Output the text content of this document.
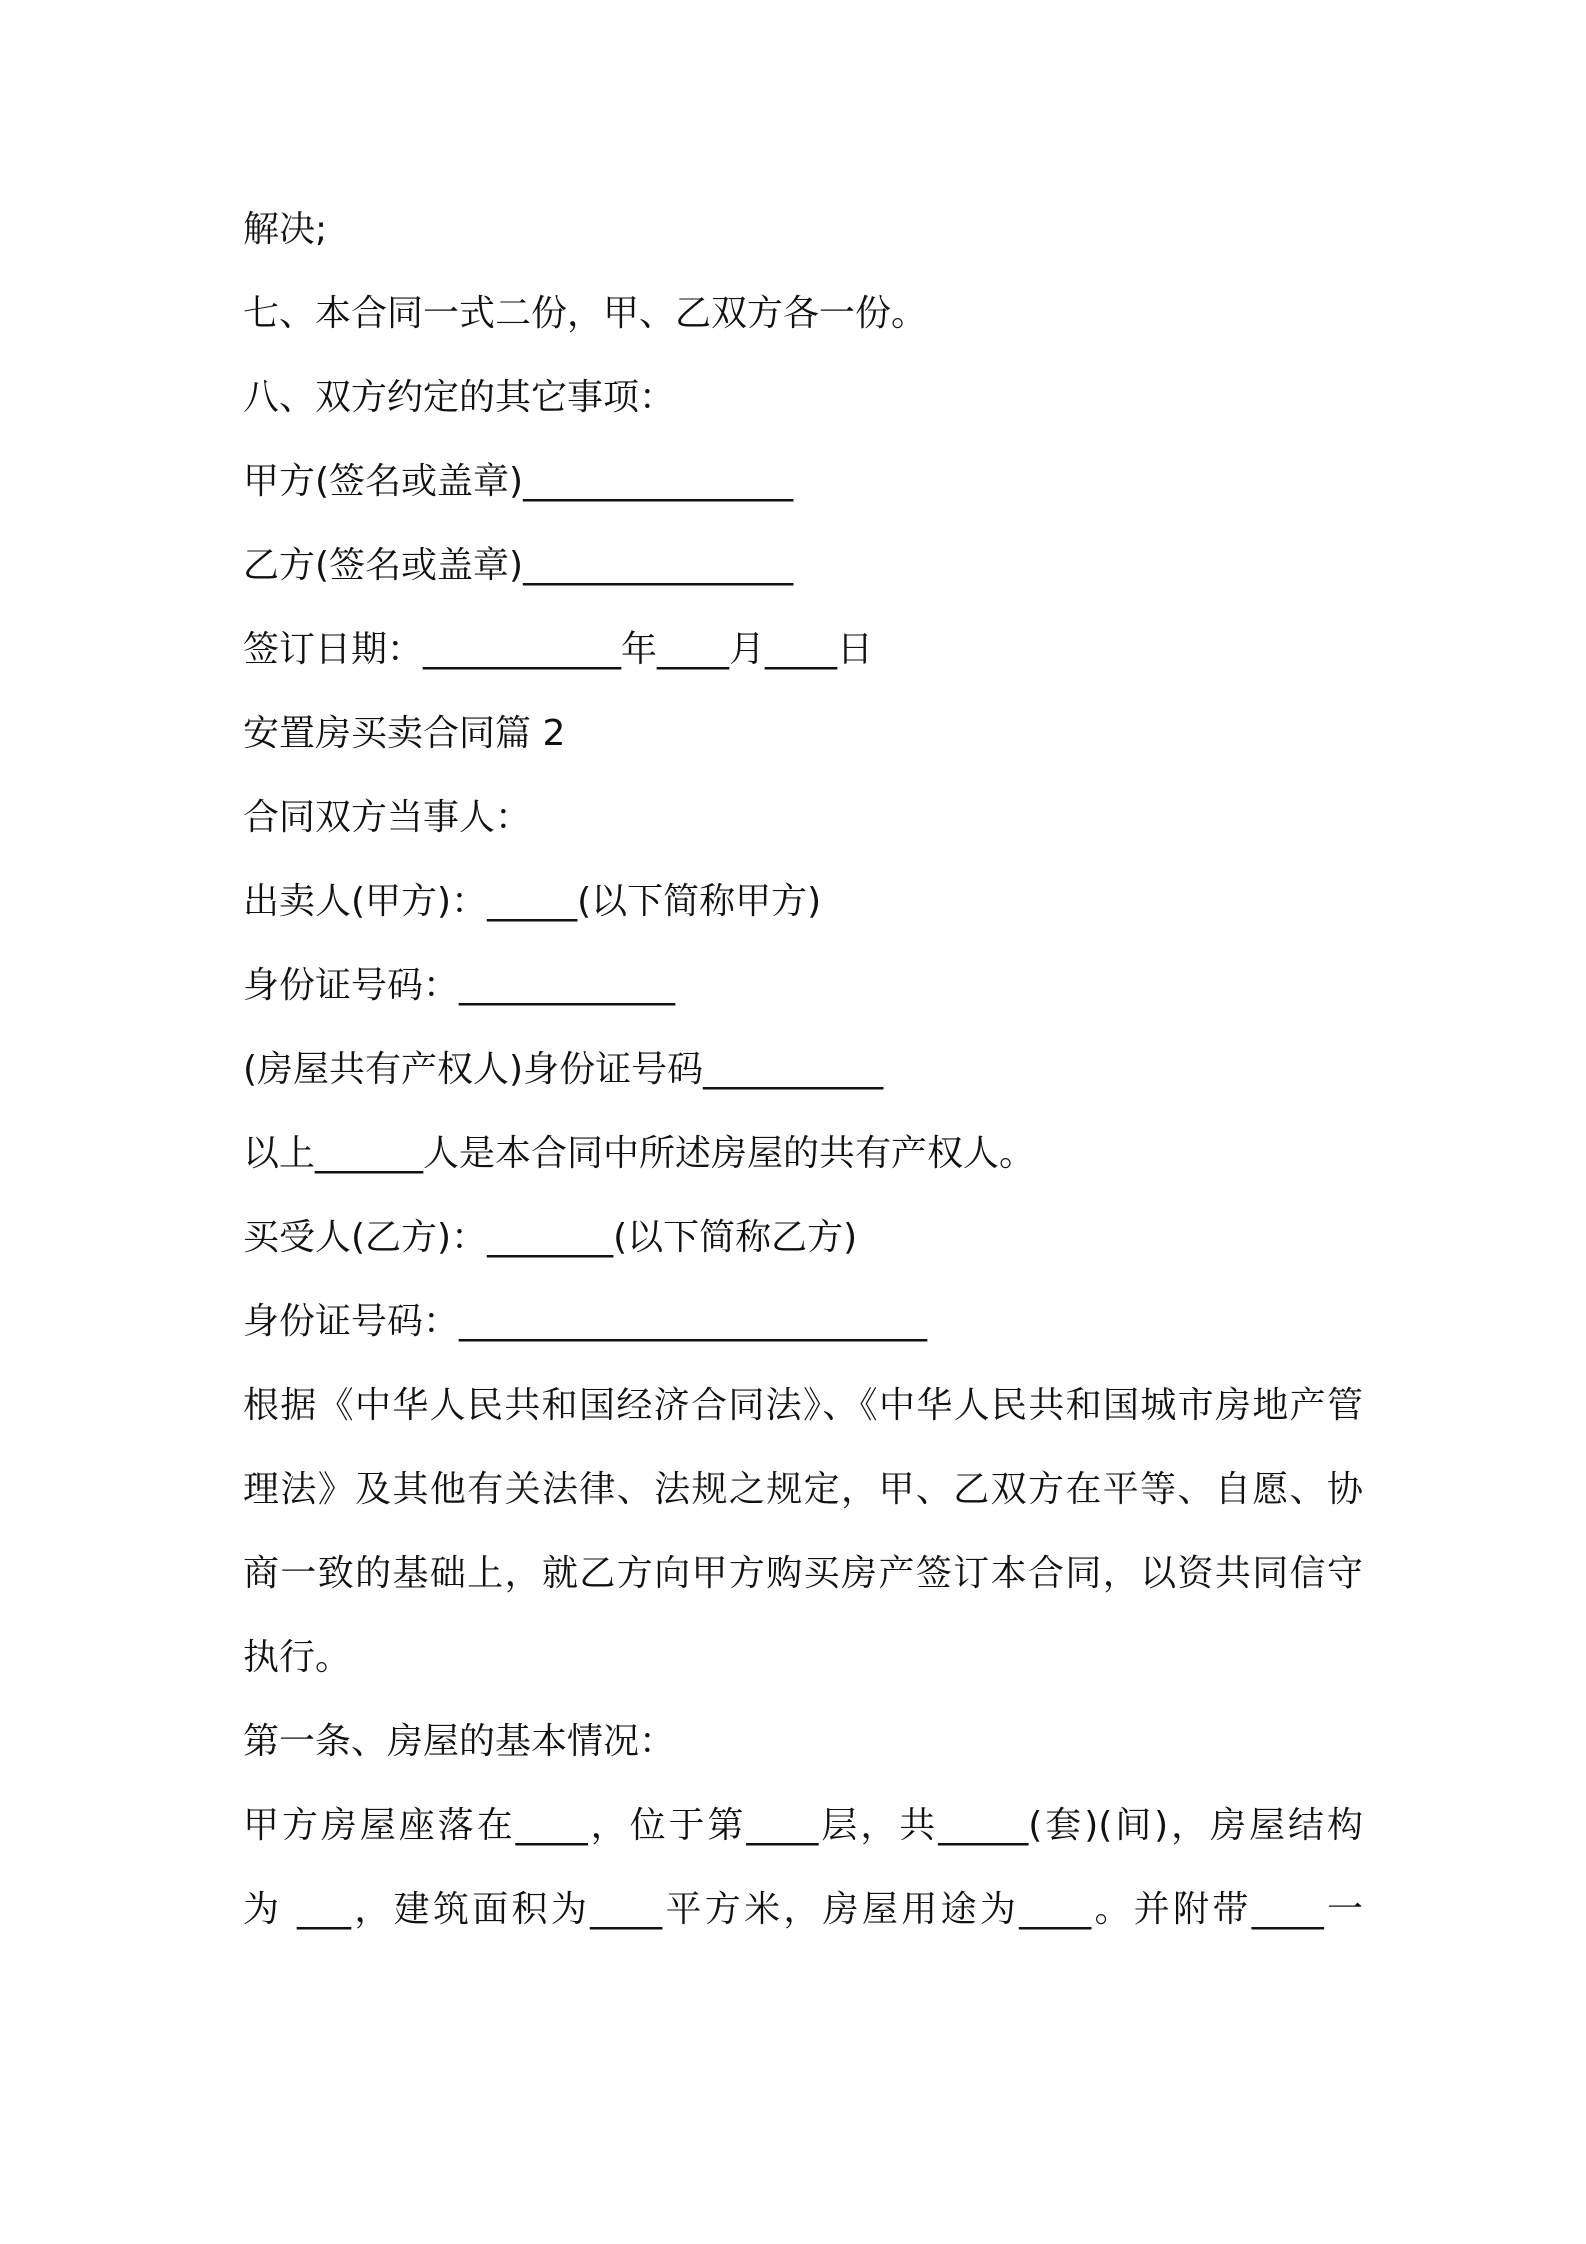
解决;
七、本合同一式二份，甲、乙双方各一份。
八、双方约定的其它事项：
甲方(签名或盖章)_______________
乙方(签名或盖章)_______________
签订日期：___________年____月____日
安置房买卖合同篇 2
合同双方当事人：
出卖人(甲方)：_____(以下简称甲方)
身份证号码：____________
(房屋共有产权人)身份证号码__________
以上______人是本合同中所述房屋的共有产权人。
买受人(乙方)：_______(以下简称乙方)
身份证号码：__________________________
根据《中华人民共和国经济合同法》、《中华人民共和国城市房地产管
理法》及其他有关法律、法规之规定，甲、乙双方在平等、自愿、协
商一致的基础上，就乙方向甲方购买房产签订本合同，以资共同信守
执行。
第一条、房屋的基本情况：
甲方房屋座落在____，位于第____层，共_____(套)(间)，房屋结构
为 ___，建筑面积为____平方米，房屋用途为____。并附带____一
